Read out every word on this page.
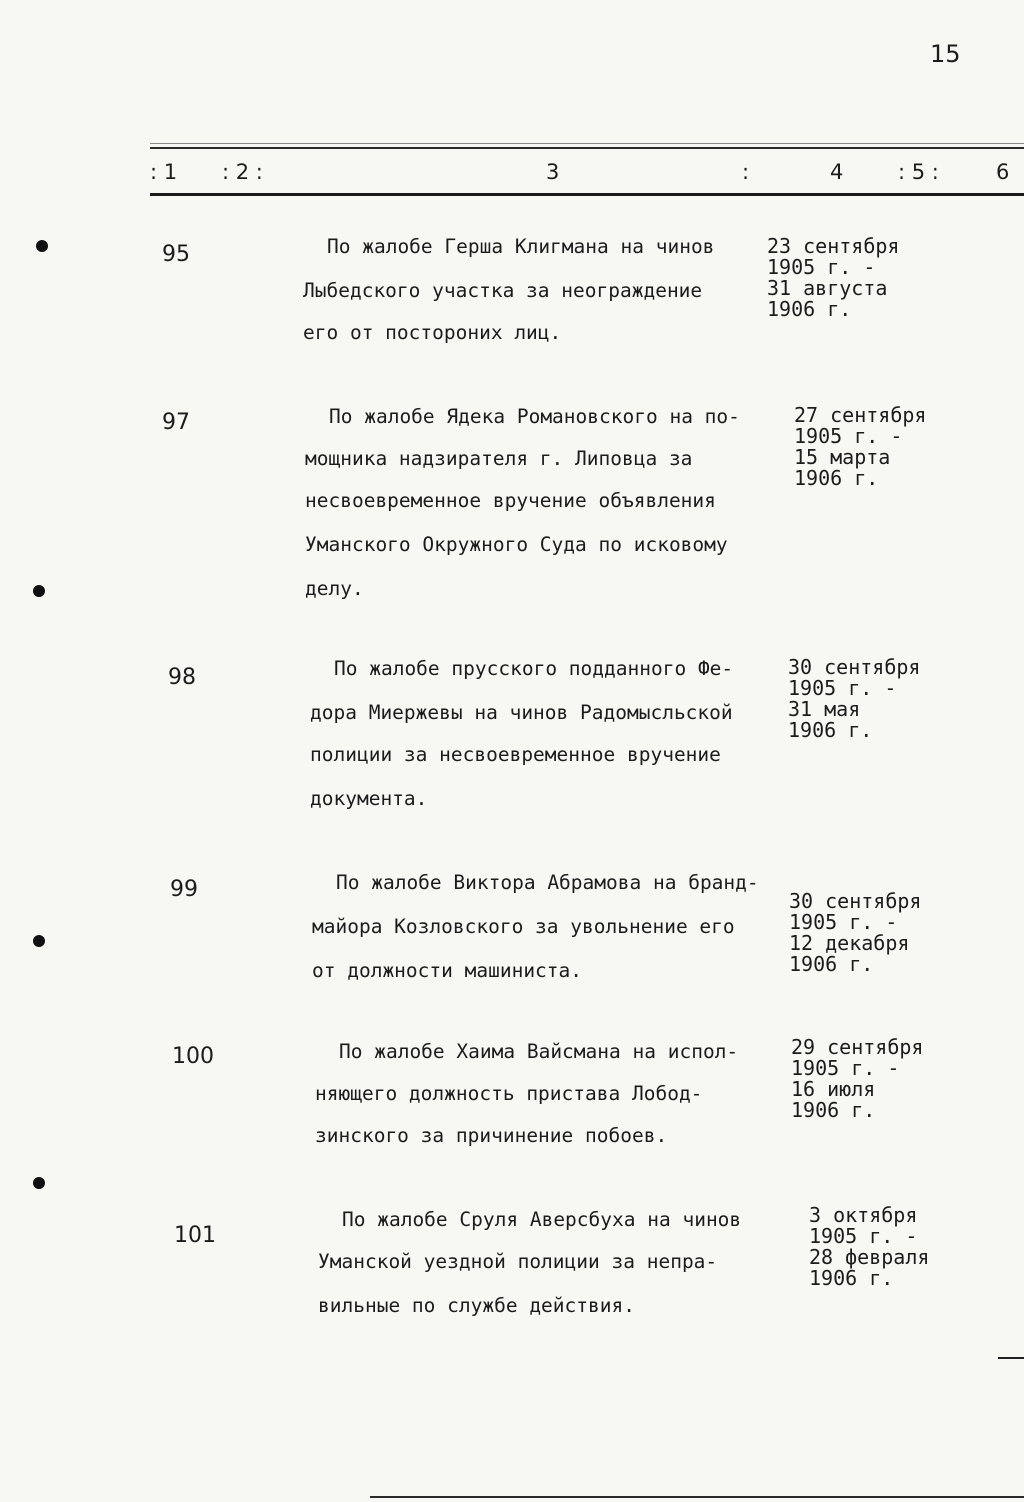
15
: 1 : 2 :	3	:	4	: 5 :	6
95	По жалобе Герша Клигмана на чинов
Лыбедского участка за неограждение
его от посторониx лиц.
23 сентября
1905 г. -
31 августа
1906 г.
97	По жалобе Ядека Романовского на по-
мощника надзирателя г. Липовца за
несвоевременное вручение объявления
Уманского Окружного Суда по исковому
делу.
27 сентября
1905 г. -
15 марта
1906 г.
98	По жалобе прусского подданного Фе-
дора Миержевы на чинов Радомысльской
полиции за несвоевременное вручение
документа.
30 сентября
1905 г. -
31 мая
1906 г.
99	По жалобе Виктора Абрамова на бранд-
майора Козловского за увольнение его
от должности машиниста.
30 сентября
1905 г. -
12 декабря
1906 г.
100	По жалобе Хаима Вайсмана на испол-
няющего должность пристава Лобод-
зинского за причинение побоев.
29 сентября
1905 г. -
16 июля
1906 г.
101
По жалобе Сруля Аверсбуха на чинов
Уманской уездной полиции за непра-
вильные по службе действия.
3 октября
1905 г. -
28 февраля
1906 г.
